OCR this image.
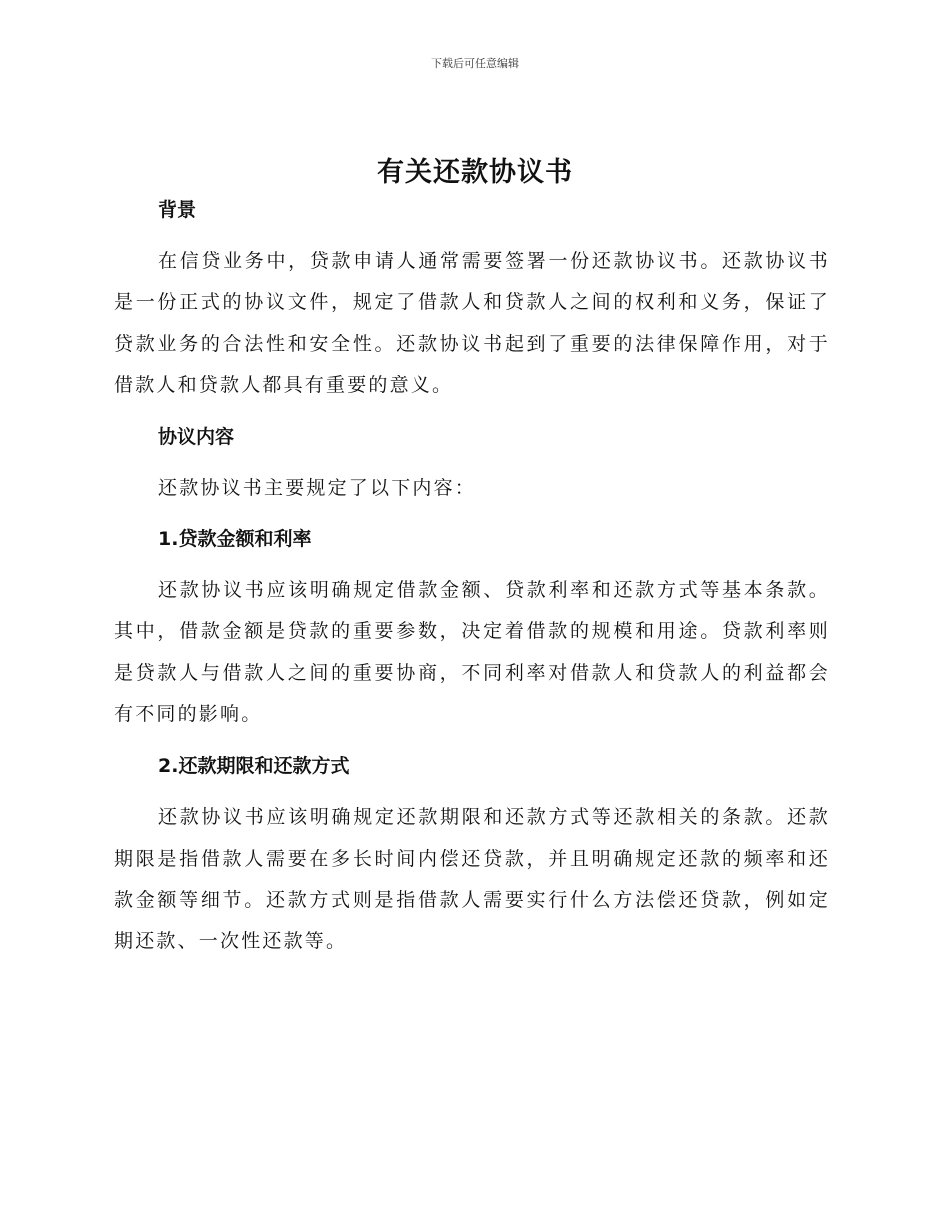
下载后可任意编辑
有关还款协议书
背景
在信贷业务中，贷款申请人通常需要签署一份还款协议书。还款协议书是一份正式的协议文件，规定了借款人和贷款人之间的权利和义务，保证了贷款业务的合法性和安全性。还款协议书起到了重要的法律保障作用，对于借款人和贷款人都具有重要的意义。
协议内容
还款协议书主要规定了以下内容：
1.贷款金额和利率
还款协议书应该明确规定借款金额、贷款利率和还款方式等基本条款。其中，借款金额是贷款的重要参数，决定着借款的规模和用途。贷款利率则是贷款人与借款人之间的重要协商，不同利率对借款人和贷款人的利益都会有不同的影响。
2.还款期限和还款方式
还款协议书应该明确规定还款期限和还款方式等还款相关的条款。还款期限是指借款人需要在多长时间内偿还贷款，并且明确规定还款的频率和还款金额等细节。还款方式则是指借款人需要实行什么方法偿还贷款，例如定期还款、一次性还款等。
